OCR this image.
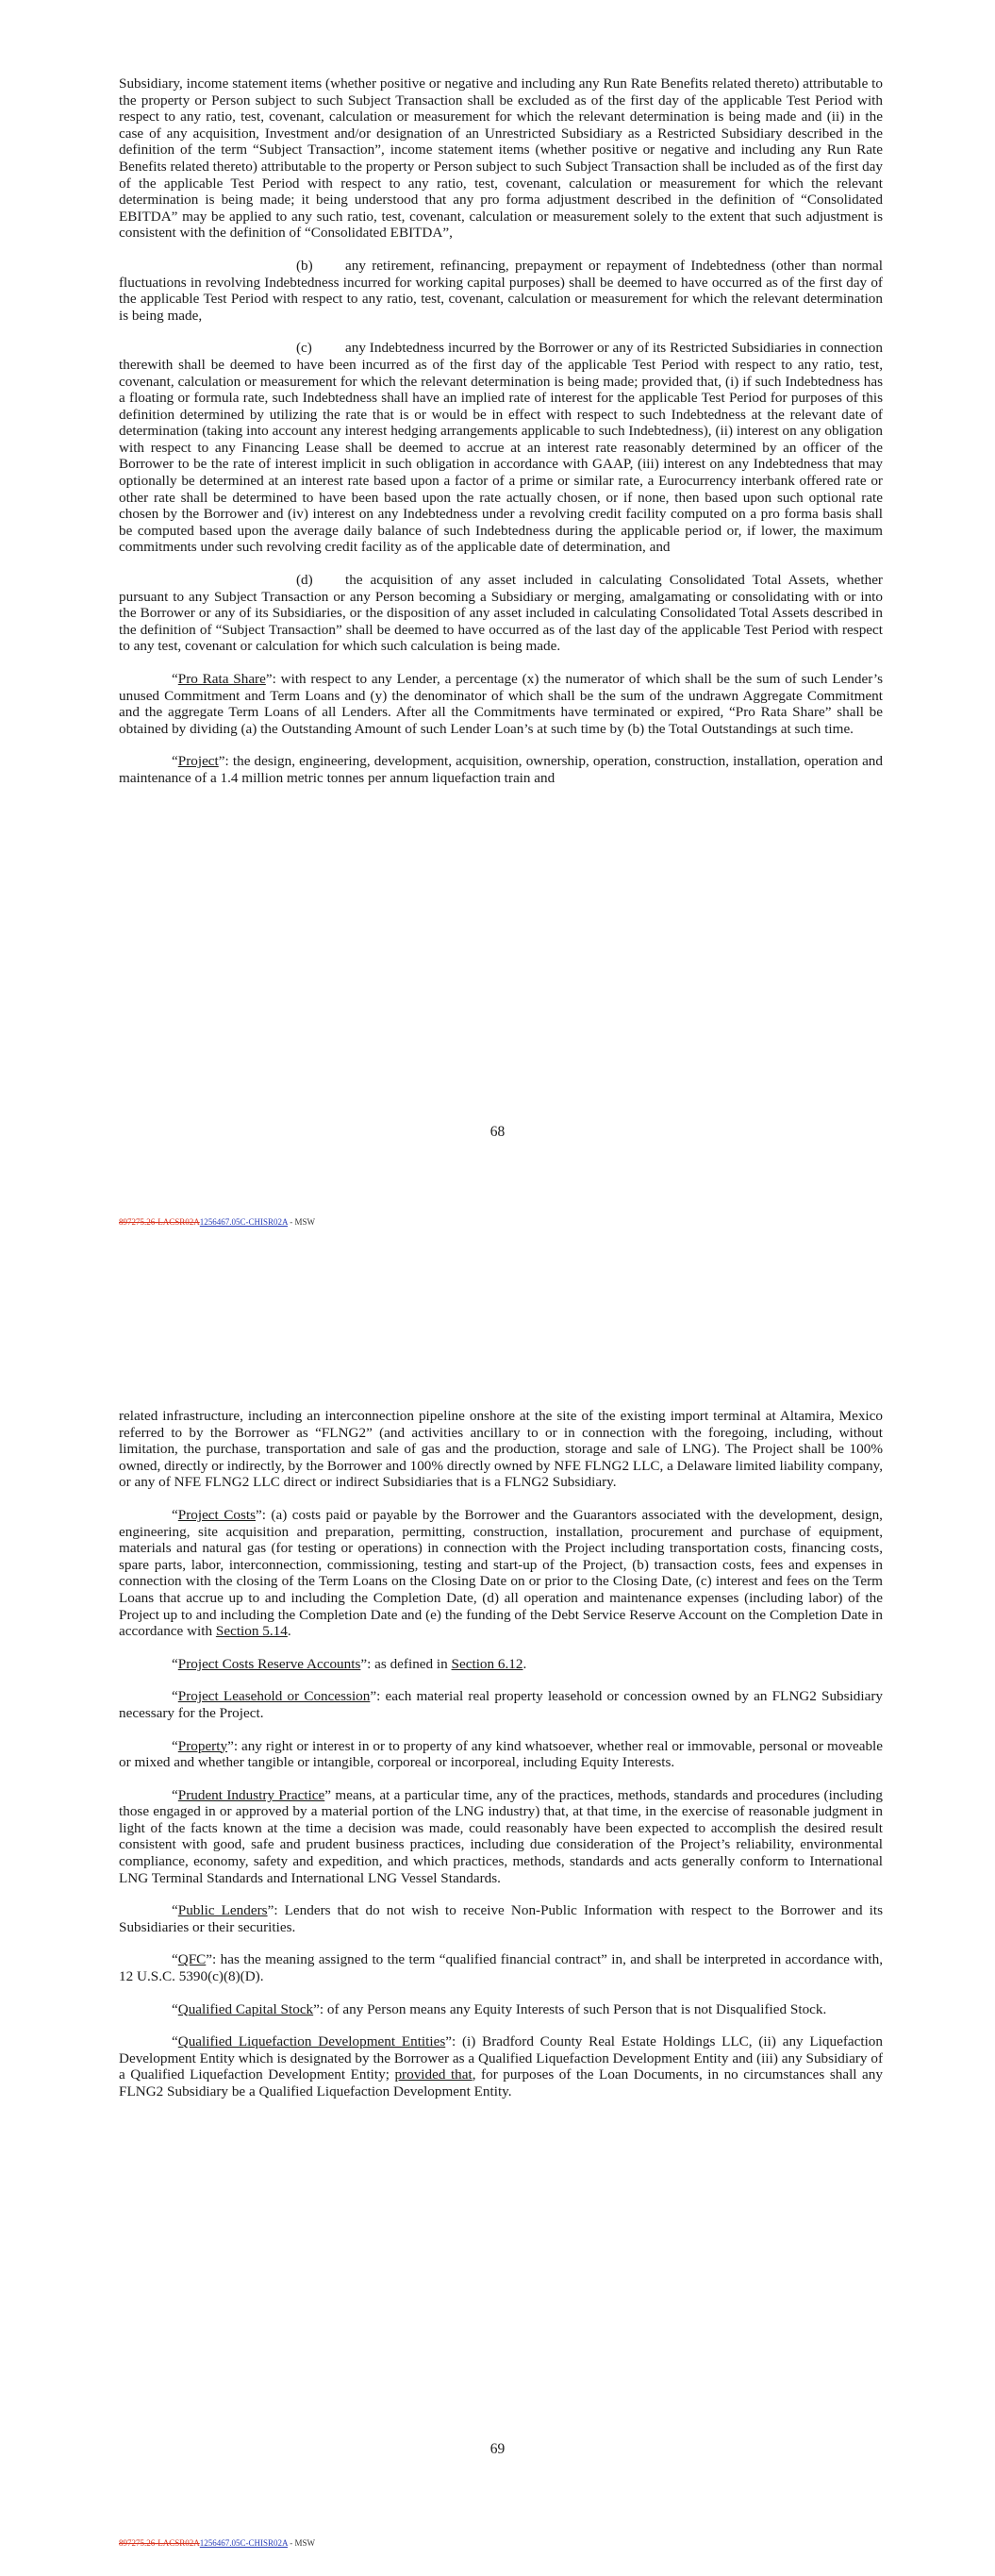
Subsidiary, income statement items (whether positive or negative and including any Run Rate Benefits related thereto) attributable to the property or Person subject to such Subject Transaction shall be excluded as of the first day of the applicable Test Period with respect to any ratio, test, covenant, calculation or measurement for which the relevant determination is being made and (ii) in the case of any acquisition, Investment and/or designation of an Unrestricted Subsidiary as a Restricted Subsidiary described in the definition of the term “Subject Transaction”, income statement items (whether positive or negative and including any Run Rate Benefits related thereto) attributable to the property or Person subject to such Subject Transaction shall be included as of the first day of the applicable Test Period with respect to any ratio, test, covenant, calculation or measurement for which the relevant determination is being made; it being understood that any pro forma adjustment described in the definition of “Consolidated EBITDA” may be applied to any such ratio, test, covenant, calculation or measurement solely to the extent that such adjustment is consistent with the definition of “Consolidated EBITDA”,

(b) any retirement, refinancing, prepayment or repayment of Indebtedness (other than normal fluctuations in revolving Indebtedness incurred for working capital purposes) shall be deemed to have occurred as of the first day of the applicable Test Period with respect to any ratio, test, covenant, calculation or measurement for which the relevant determination is being made,

(c) any Indebtedness incurred by the Borrower or any of its Restricted Subsidiaries in connection therewith shall be deemed to have been incurred as of the first day of the applicable Test Period with respect to any ratio, test, covenant, calculation or measurement for which the relevant determination is being made; provided that, (i) if such Indebtedness has a floating or formula rate, such Indebtedness shall have an implied rate of interest for the applicable Test Period for purposes of this definition determined by utilizing the rate that is or would be in effect with respect to such Indebtedness at the relevant date of determination (taking into account any interest hedging arrangements applicable to such Indebtedness), (ii) interest on any obligation with respect to any Financing Lease shall be deemed to accrue at an interest rate reasonably determined by an officer of the Borrower to be the rate of interest implicit in such obligation in accordance with GAAP, (iii) interest on any Indebtedness that may optionally be determined at an interest rate based upon a factor of a prime or similar rate, a Eurocurrency interbank offered rate or other rate shall be determined to have been based upon the rate actually chosen, or if none, then based upon such optional rate chosen by the Borrower and (iv) interest on any Indebtedness under a revolving credit facility computed on a pro forma basis shall be computed based upon the average daily balance of such Indebtedness during the applicable period or, if lower, the maximum commitments under such revolving credit facility as of the applicable date of determination, and

(d) the acquisition of any asset included in calculating Consolidated Total Assets, whether pursuant to any Subject Transaction or any Person becoming a Subsidiary or merging, amalgamating or consolidating with or into the Borrower or any of its Subsidiaries, or the disposition of any asset included in calculating Consolidated Total Assets described in the definition of “Subject Transaction” shall be deemed to have occurred as of the last day of the applicable Test Period with respect to any test, covenant or calculation for which such calculation is being made.

“Pro Rata Share”: with respect to any Lender, a percentage (x) the numerator of which shall be the sum of such Lender’s unused Commitment and Term Loans and (y) the denominator of which shall be the sum of the undrawn Aggregate Commitment and the aggregate Term Loans of all Lenders. After all the Commitments have terminated or expired, “Pro Rata Share” shall be obtained by dividing (a) the Outstanding Amount of such Lender Loan’s at such time by (b) the Total Outstandings at such time.

“Project”: the design, engineering, development, acquisition, ownership, operation, construction, installation, operation and maintenance of a 1.4 million metric tonnes per annum liquefaction train and

68
897275.26-LACSR02A1256467.05C-CHISR02A - MSW

related infrastructure, including an interconnection pipeline onshore at the site of the existing import terminal at Altamira, Mexico referred to by the Borrower as “FLNG2” (and activities ancillary to or in connection with the foregoing, including, without limitation, the purchase, transportation and sale of gas and the production, storage and sale of LNG). The Project shall be 100% owned, directly or indirectly, by the Borrower and 100% directly owned by NFE FLNG2 LLC, a Delaware limited liability company, or any of NFE FLNG2 LLC direct or indirect Subsidiaries that is a FLNG2 Subsidiary.

“Project Costs”: (a) costs paid or payable by the Borrower and the Guarantors associated with the development, design, engineering, site acquisition and preparation, permitting, construction, installation, procurement and purchase of equipment, materials and natural gas (for testing or operations) in connection with the Project including transportation costs, financing costs, spare parts, labor, interconnection, commissioning, testing and start-up of the Project, (b) transaction costs, fees and expenses in connection with the closing of the Term Loans on the Closing Date on or prior to the Closing Date, (c) interest and fees on the Term Loans that accrue up to and including the Completion Date, (d) all operation and maintenance expenses (including labor) of the Project up to and including the Completion Date and (e) the funding of the Debt Service Reserve Account on the Completion Date in accordance with Section 5.14.

“Project Costs Reserve Accounts”: as defined in Section 6.12.

“Project Leasehold or Concession”: each material real property leasehold or concession owned by an FLNG2 Subsidiary necessary for the Project.

“Property”: any right or interest in or to property of any kind whatsoever, whether real or immovable, personal or moveable or mixed and whether tangible or intangible, corporeal or incorporeal, including Equity Interests.

“Prudent Industry Practice” means, at a particular time, any of the practices, methods, standards and procedures (including those engaged in or approved by a material portion of the LNG industry) that, at that time, in the exercise of reasonable judgment in light of the facts known at the time a decision was made, could reasonably have been expected to accomplish the desired result consistent with good, safe and prudent business practices, including due consideration of the Project’s reliability, environmental compliance, economy, safety and expedition, and which practices, methods, standards and acts generally conform to International LNG Terminal Standards and International LNG Vessel Standards.

“Public Lenders”: Lenders that do not wish to receive Non-Public Information with respect to the Borrower and its Subsidiaries or their securities.

“QFC”: has the meaning assigned to the term “qualified financial contract” in, and shall be interpreted in accordance with, 12 U.S.C. 5390(c)(8)(D).

“Qualified Capital Stock”: of any Person means any Equity Interests of such Person that is not Disqualified Stock.

“Qualified Liquefaction Development Entities”: (i) Bradford County Real Estate Holdings LLC, (ii) any Liquefaction Development Entity which is designated by the Borrower as a Qualified Liquefaction Development Entity and (iii) any Subsidiary of a Qualified Liquefaction Development Entity; provided that, for purposes of the Loan Documents, in no circumstances shall any FLNG2 Subsidiary be a Qualified Liquefaction Development Entity.

69
897275.26-LACSR02A1256467.05C-CHISR02A - MSW
